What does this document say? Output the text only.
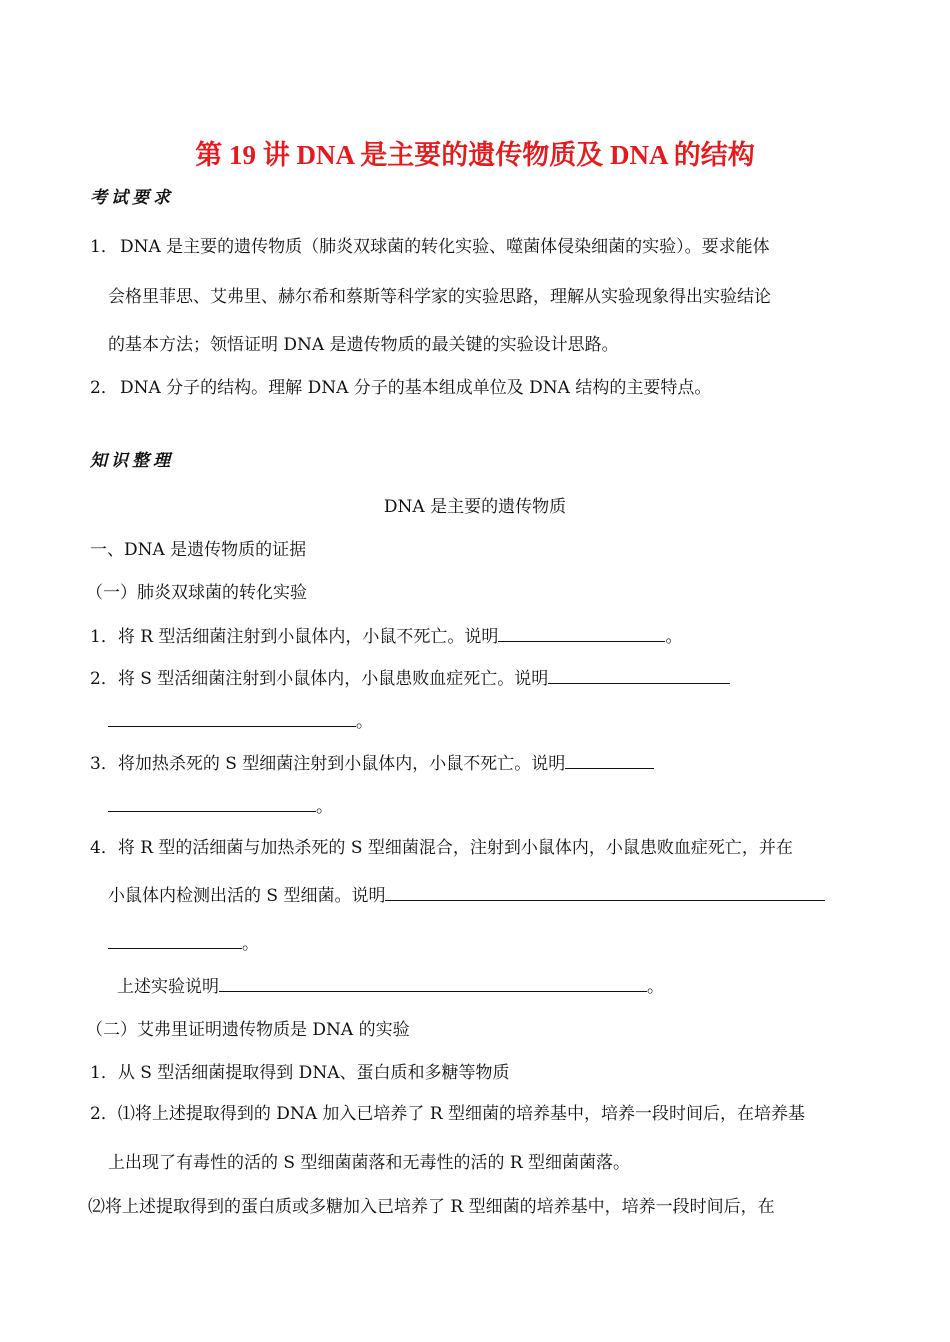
第 19 讲 DNA 是主要的遗传物质及 DNA 的结构
考试要求
1． DNA 是主要的遗传物质（肺炎双球菌的转化实验、噬菌体侵染细菌的实验）。要求能体
会格里菲思、艾弗里、赫尔希和蔡斯等科学家的实验思路，理解从实验现象得出实验结论
的基本方法；领悟证明 DNA 是遗传物质的最关键的实验设计思路。
2． DNA 分子的结构。理解 DNA 分子的基本组成单位及 DNA 结构的主要特点。
知识整理
DNA 是主要的遗传物质
一、DNA 是遗传物质的证据
（一）肺炎双球菌的转化实验
1．将 R 型活细菌注射到小鼠体内，小鼠不死亡。说明	。
2．将 S 型活细菌注射到小鼠体内，小鼠患败血症死亡。说明
。
3．将加热杀死的 S 型细菌注射到小鼠体内，小鼠不死亡。说明
。
4．将 R 型的活细菌与加热杀死的 S 型细菌混合，注射到小鼠体内，小鼠患败血症死亡，并在
小鼠体内检测出活的 S 型细菌。说明
。
上述实验说明	。
（二）艾弗里证明遗传物质是 DNA 的实验
1．从 S 型活细菌提取得到 DNA、蛋白质和多糖等物质
2．⑴将上述提取得到的 DNA 加入已培养了 R 型细菌的培养基中，培养一段时间后，在培养基
上出现了有毒性的活的 S 型细菌菌落和无毒性的活的 R 型细菌菌落。
⑵将上述提取得到的蛋白质或多糖加入已培养了 R 型细菌的培养基中，培养一段时间后，在
